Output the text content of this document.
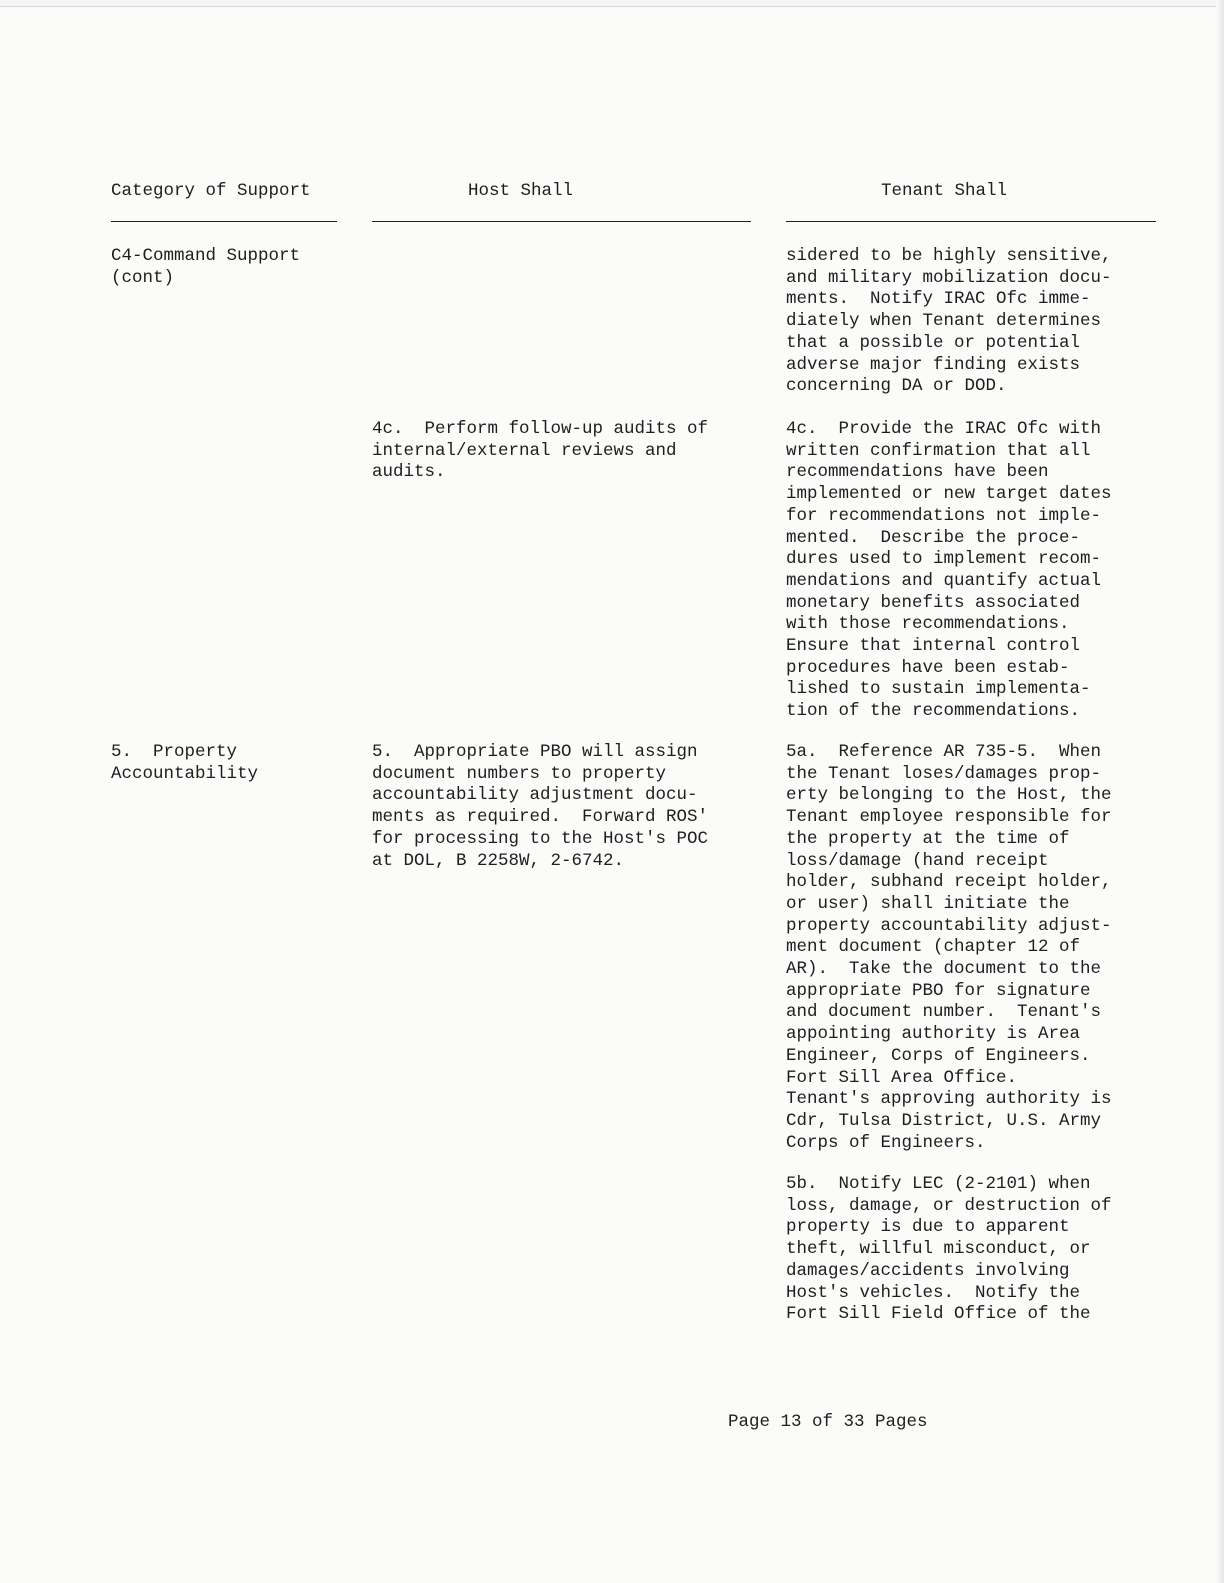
Category of Support	Host Shall	Tenant Shall
C4-Command Support
(cont)
sidered to be highly sensitive,
and military mobilization docu-
ments.  Notify IRAC Ofc imme-
diately when Tenant determines
that a possible or potential
adverse major finding exists
concerning DA or DOD.
4c.  Perform follow-up audits of
internal/external reviews and
audits.
4c.  Provide the IRAC Ofc with
written confirmation that all
recommendations have been
implemented or new target dates
for recommendations not imple-
mented.  Describe the proce-
dures used to implement recom-
mendations and quantify actual
monetary benefits associated
with those recommendations.
Ensure that internal control
procedures have been estab-
lished to sustain implementa-
tion of the recommendations.
5.  Property
Accountability
5.  Appropriate PBO will assign
document numbers to property
accountability adjustment docu-
ments as required.  Forward ROS'
for processing to the Host's POC
at DOL, B 2258W, 2-6742.
5a.  Reference AR 735-5.  When
the Tenant loses/damages prop-
erty belonging to the Host, the
Tenant employee responsible for
the property at the time of
loss/damage (hand receipt
holder, subhand receipt holder,
or user) shall initiate the
property accountability adjust-
ment document (chapter 12 of
AR).  Take the document to the
appropriate PBO for signature
and document number.  Tenant's
appointing authority is Area
Engineer, Corps of Engineers.
Fort Sill Area Office.
Tenant's approving authority is
Cdr, Tulsa District, U.S. Army
Corps of Engineers.
5b.  Notify LEC (2-2101) when
loss, damage, or destruction of
property is due to apparent
theft, willful misconduct, or
damages/accidents involving
Host's vehicles.  Notify the
Fort Sill Field Office of the
Page 13 of 33 Pages
